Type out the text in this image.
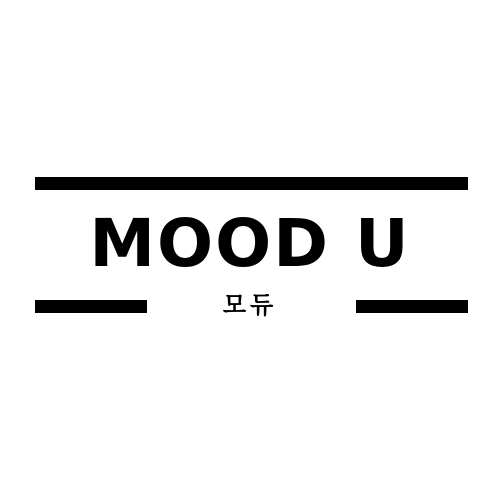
MOOD U
모듀
